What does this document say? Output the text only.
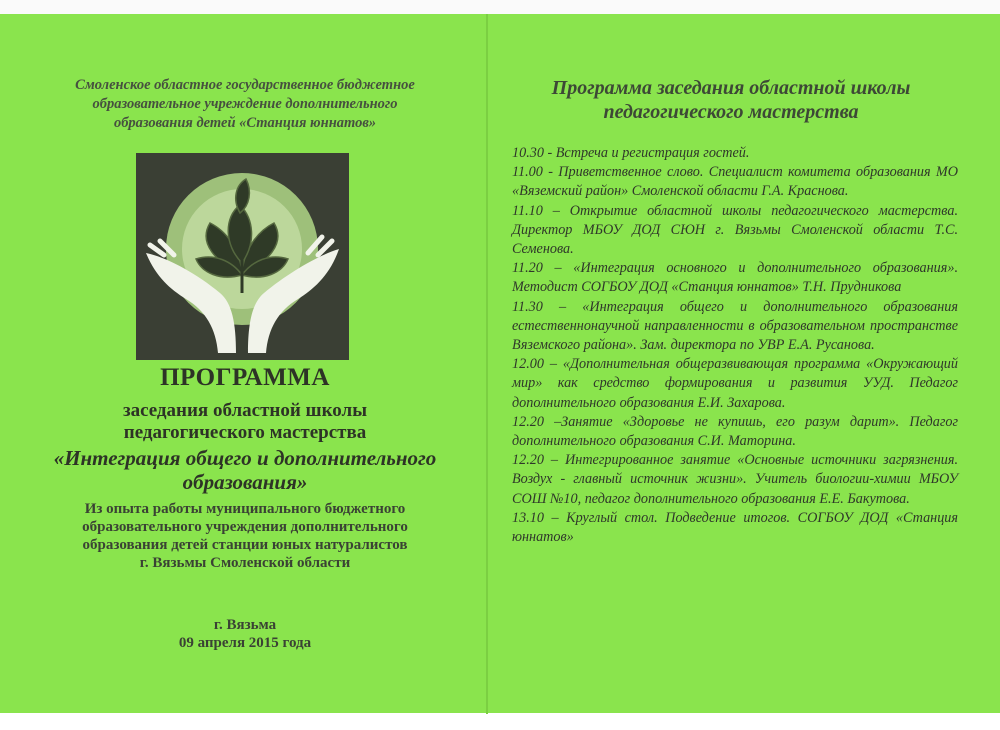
Смоленское областное государственное бюджетное
образовательное учреждение дополнительного
образования детей «Станция юннатов»
ПРОГРАММА
заседания областной школы
педагогического мастерства
«Интеграция общего и дополнительного
образования»
Из опыта работы муниципального бюджетного
образовательного учреждения дополнительного
образования детей станции юных натуралистов
г. Вязьмы Смоленской области
г. Вязьма
09 апреля 2015 года
Программа заседания областной школы
педагогического мастерства

10.30 - Встреча и регистрация гостей.

11.00 - Приветственное слово. Специалист комитета образования МО «Вяземский район» Смоленской области Г.А. Краснова.

11.10 – Открытие областной школы педагогического мастерства. Директор МБОУ ДОД СЮН г. Вязьмы Смоленской области Т.С. Семенова.

11.20 – «Интеграция основного и дополнительного образования». Методист СОГБОУ ДОД «Станция юннатов» Т.Н. Прудникова

11.30 – «Интеграция общего и дополнительного образования естественнонаучной направленности в образовательном пространстве Вяземского района». Зам. директора по УВР Е.А. Русанова.

12.00 – «Дополнительная общеразвивающая программа «Окружающий мир» как средство формирования и развития УУД. Педагог дополнительного образования Е.И. Захарова.

12.20 –Занятие «Здоровье не купишь, его разум дарит». Педагог дополнительного образования С.И. Маторина.

12.20 – Интегрированное занятие «Основные источники загрязнения. Воздух - главный источник жизни». Учитель биологии-химии МБОУ СОШ №10, педагог дополнительного образования Е.Е. Бакутова.

13.10 – Круглый стол. Подведение итогов. СОГБОУ ДОД «Станция юннатов»
